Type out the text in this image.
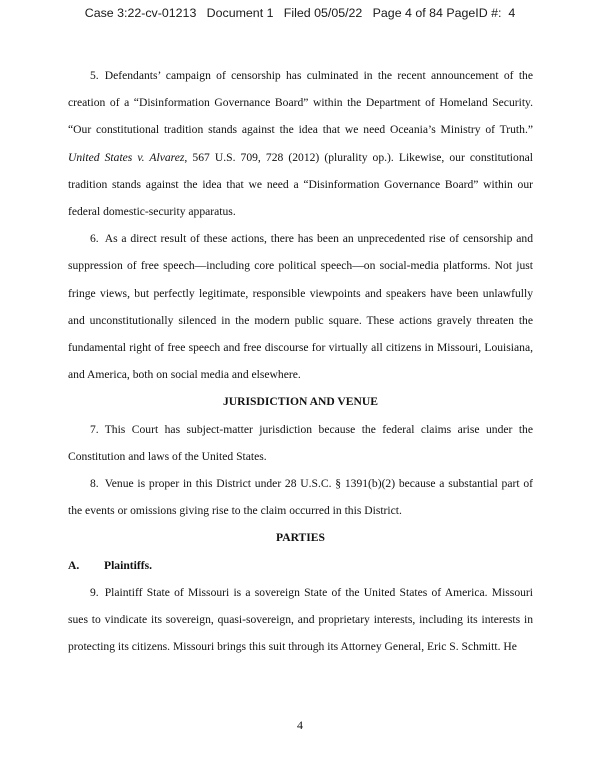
Case 3:22-cv-01213   Document 1   Filed 05/05/22   Page 4 of 84 PageID #:  4

5. Defendants’ campaign of censorship has culminated in the recent announcement of the creation of a “Disinformation Governance Board” within the Department of Homeland Security. “Our constitutional tradition stands against the idea that we need Oceania’s Ministry of Truth.” United States v. Alvarez, 567 U.S. 709, 728 (2012) (plurality op.). Likewise, our constitutional tradition stands against the idea that we need a “Disinformation Governance Board” within our federal domestic-security apparatus.

6. As a direct result of these actions, there has been an unprecedented rise of censorship and suppression of free speech—including core political speech—on social-media platforms. Not just fringe views, but perfectly legitimate, responsible viewpoints and speakers have been unlawfully and unconstitutionally silenced in the modern public square. These actions gravely threaten the fundamental right of free speech and free discourse for virtually all citizens in Missouri, Louisiana, and America, both on social media and elsewhere.

JURISDICTION AND VENUE

7. This Court has subject-matter jurisdiction because the federal claims arise under the Constitution and laws of the United States.

8. Venue is proper in this District under 28 U.S.C. § 1391(b)(2) because a substantial part of the events or omissions giving rise to the claim occurred in this District.

PARTIES

A. Plaintiffs.

9. Plaintiff State of Missouri is a sovereign State of the United States of America. Missouri sues to vindicate its sovereign, quasi-sovereign, and proprietary interests, including its interests in protecting its citizens. Missouri brings this suit through its Attorney General, Eric S. Schmitt. He

4
